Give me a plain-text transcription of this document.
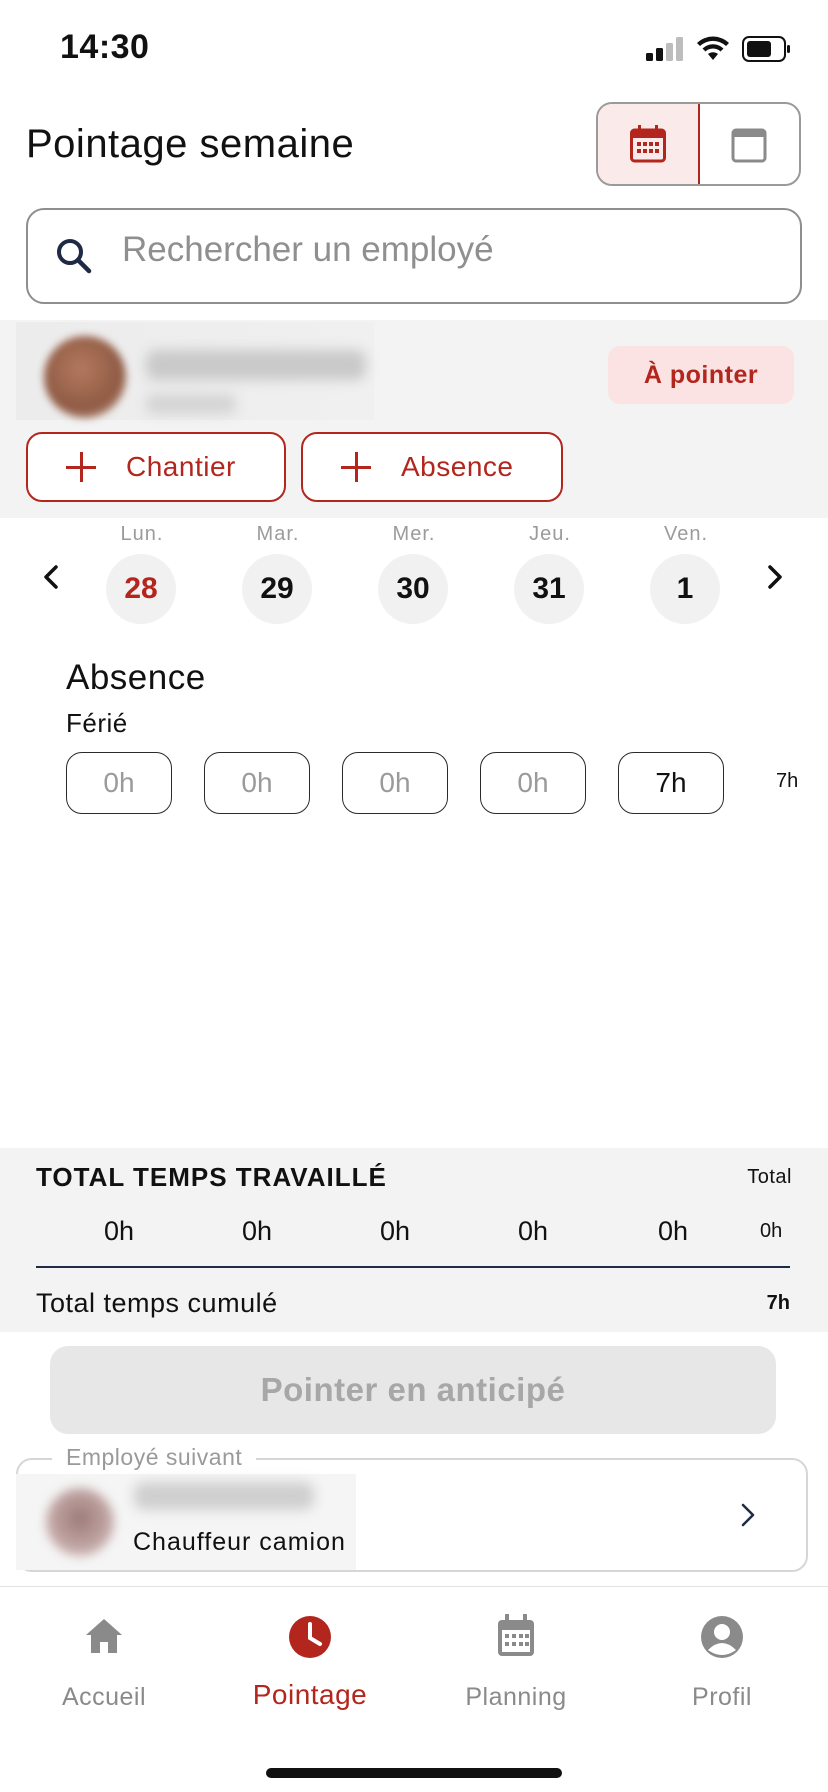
14:30
Pointage semaine
Rechercher un employé
À pointer
Chantier	Absence
Lun.
28
Mar.
29
Mer.
30
Jeu.
31
Ven.
1
Absence
Férié
0h	0h	0h	0h	7h	7h
TOTAL TEMPS TRAVAILLÉ	Total
0h	0h	0h	0h	0h	0h
Total temps cumulé	7h
Pointer en anticipé
Employé suivant
Chauffeur camion
Accueil	Pointage	Planning	Profil
